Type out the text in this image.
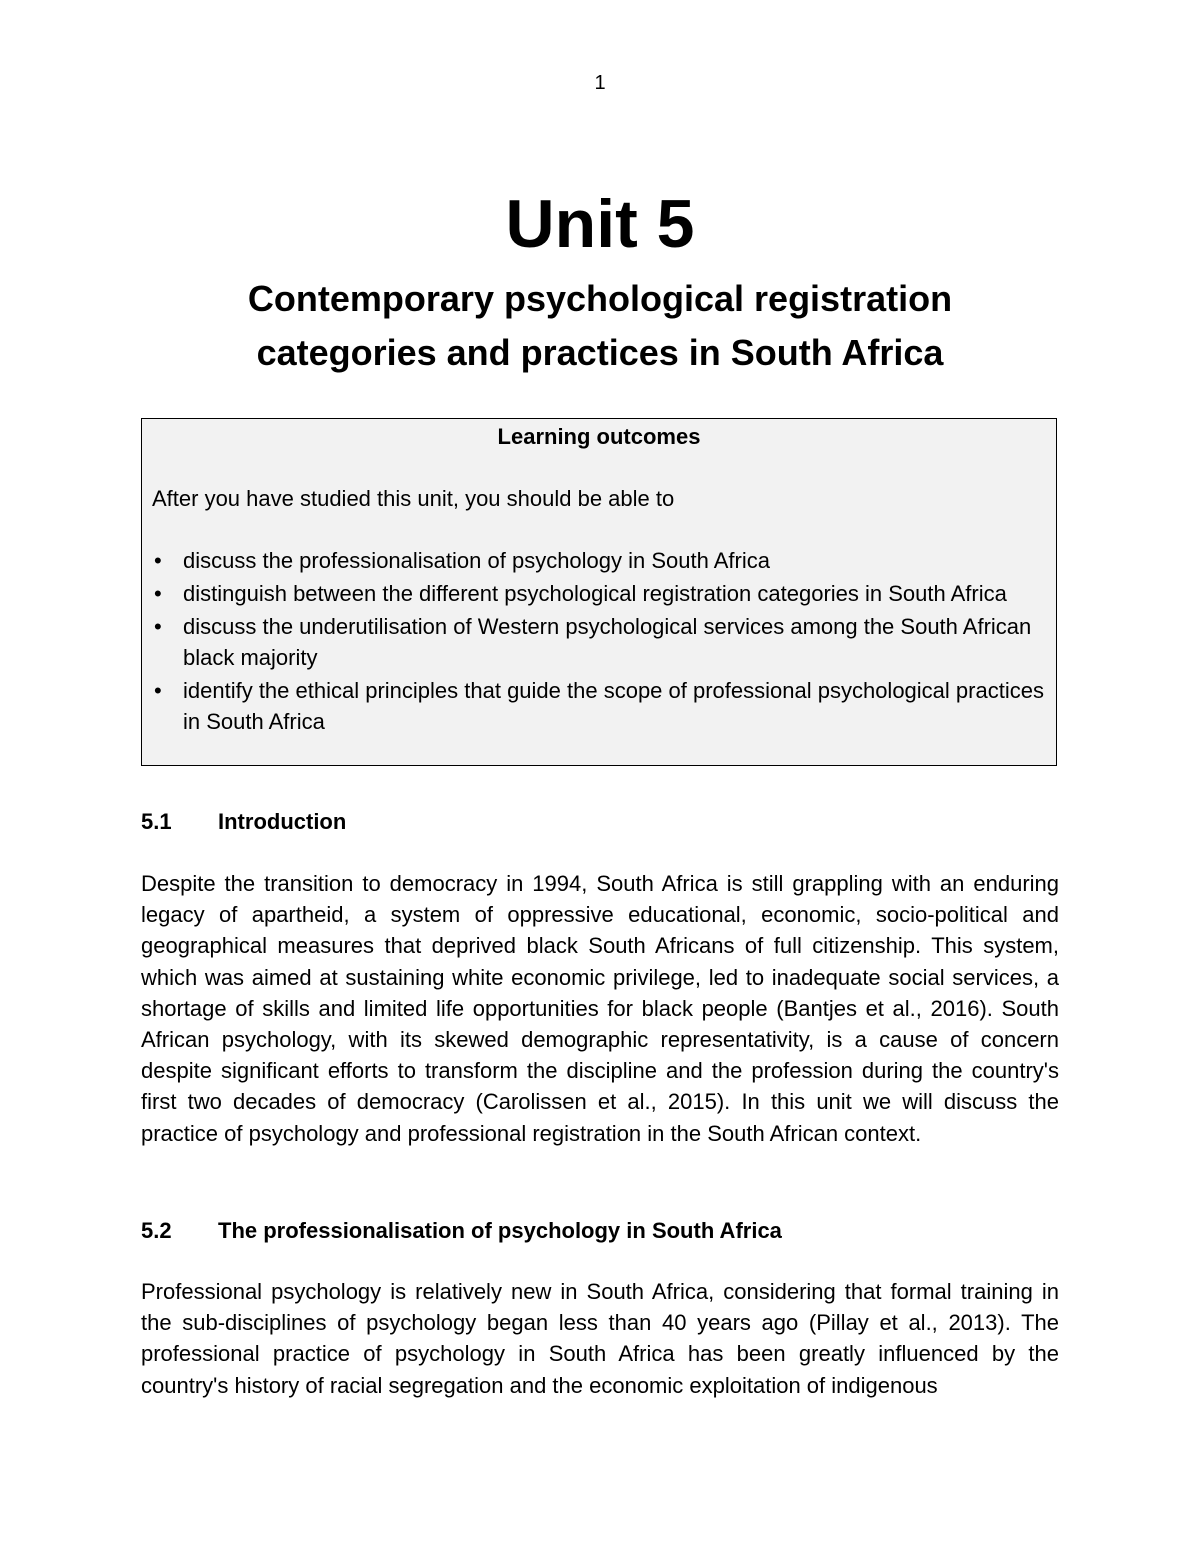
1
Unit 5
Contemporary psychological registration
categories and practices in South Africa
Learning outcomes
After you have studied this unit, you should be able to
• discuss the professionalisation of psychology in South Africa
• distinguish between the different psychological registration categories in South Africa
• discuss the underutilisation of Western psychological services among the South African black majority
• identify the ethical principles that guide the scope of professional psychological practices in South Africa
5.1 Introduction

Despite the transition to democracy in 1994, South Africa is still grappling with an enduring legacy of apartheid, a system of oppressive educational, economic, socio-political and geographical measures that deprived black South Africans of full citizenship. This system, which was aimed at sustaining white economic privilege, led to inadequate social services, a shortage of skills and limited life opportunities for black people (Bantjes et al., 2016). South African psychology, with its skewed demographic representativity, is a cause of concern despite significant efforts to transform the discipline and the profession during the country's first two decades of democracy (Carolissen et al., 2015). In this unit we will discuss the practice of psychology and professional registration in the South African context.

5.2 The professionalisation of psychology in South Africa

Professional psychology is relatively new in South Africa, considering that formal training in the sub-disciplines of psychology began less than 40 years ago (Pillay et al., 2013). The professional practice of psychology in South Africa has been greatly influenced by the country's history of racial segregation and the economic exploitation of indigenous
